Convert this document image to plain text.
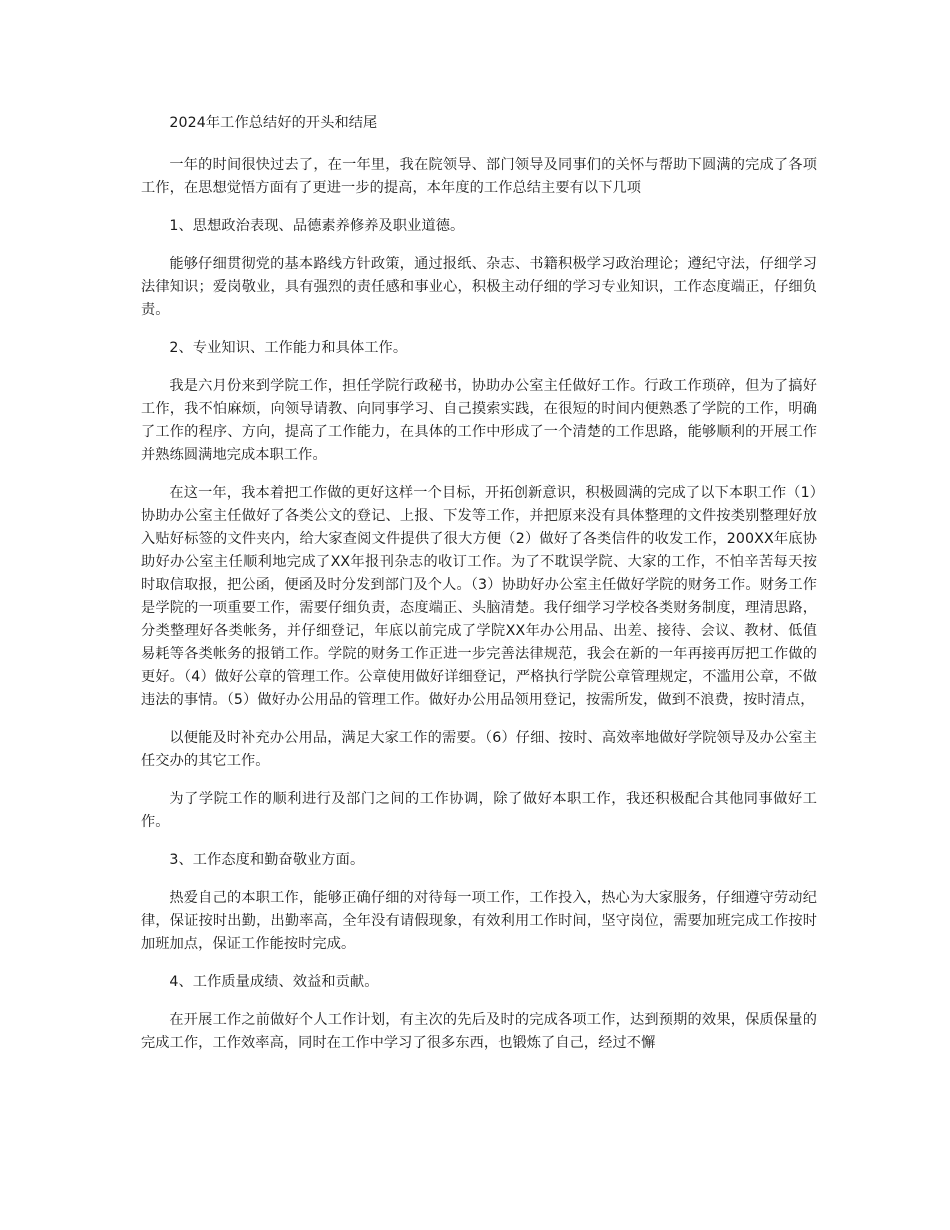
2024年工作总结好的开头和结尾

一年的时间很快过去了，在一年里，我在院领导、部门领导及同事们的关怀与帮助下圆满的完成了各项工作，在思想觉悟方面有了更进一步的提高，本年度的工作总结主要有以下几项

1、思想政治表现、品德素养修养及职业道德。

能够仔细贯彻党的基本路线方针政策，通过报纸、杂志、书籍积极学习政治理论；遵纪守法，仔细学习法律知识；爱岗敬业，具有强烈的责任感和事业心，积极主动仔细的学习专业知识，工作态度端正，仔细负责。

2、专业知识、工作能力和具体工作。

我是六月份来到学院工作，担任学院行政秘书，协助办公室主任做好工作。行政工作琐碎，但为了搞好工作，我不怕麻烦，向领导请教、向同事学习、自己摸索实践，在很短的时间内便熟悉了学院的工作，明确了工作的程序、方向，提高了工作能力，在具体的工作中形成了一个清楚的工作思路，能够顺利的开展工作并熟练圆满地完成本职工作。

在这一年，我本着把工作做的更好这样一个目标，开拓创新意识，积极圆满的完成了以下本职工作（1）协助办公室主任做好了各类公文的登记、上报、下发等工作，并把原来没有具体整理的文件按类别整理好放入贴好标签的文件夹内，给大家查阅文件提供了很大方便（2）做好了各类信件的收发工作，200XX年底协助好办公室主任顺利地完成了XX年报刊杂志的收订工作。为了不耽误学院、大家的工作，不怕辛苦每天按时取信取报，把公函，便函及时分发到部门及个人。（3）协助好办公室主任做好学院的财务工作。财务工作是学院的一项重要工作，需要仔细负责，态度端正、头脑清楚。我仔细学习学校各类财务制度，理清思路，分类整理好各类帐务，并仔细登记，年底以前完成了学院XX年办公用品、出差、接待、会议、教材、低值易耗等各类帐务的报销工作。学院的财务工作正进一步完善法律规范，我会在新的一年再接再厉把工作做的更好。（4）做好公章的管理工作。公章使用做好详细登记，严格执行学院公章管理规定，不滥用公章，不做违法的事情。（5）做好办公用品的管理工作。做好办公用品领用登记，按需所发，做到不浪费，按时清点，

以便能及时补充办公用品，满足大家工作的需要。（6）仔细、按时、高效率地做好学院领导及办公室主任交办的其它工作。

为了学院工作的顺利进行及部门之间的工作协调，除了做好本职工作，我还积极配合其他同事做好工作。

3、工作态度和勤奋敬业方面。

热爱自己的本职工作，能够正确仔细的对待每一项工作，工作投入，热心为大家服务，仔细遵守劳动纪律，保证按时出勤，出勤率高，全年没有请假现象，有效利用工作时间，坚守岗位，需要加班完成工作按时加班加点，保证工作能按时完成。

4、工作质量成绩、效益和贡献。

在开展工作之前做好个人工作计划，有主次的先后及时的完成各项工作，达到预期的效果，保质保量的完成工作，工作效率高，同时在工作中学习了很多东西，也锻炼了自己，经过不懈
